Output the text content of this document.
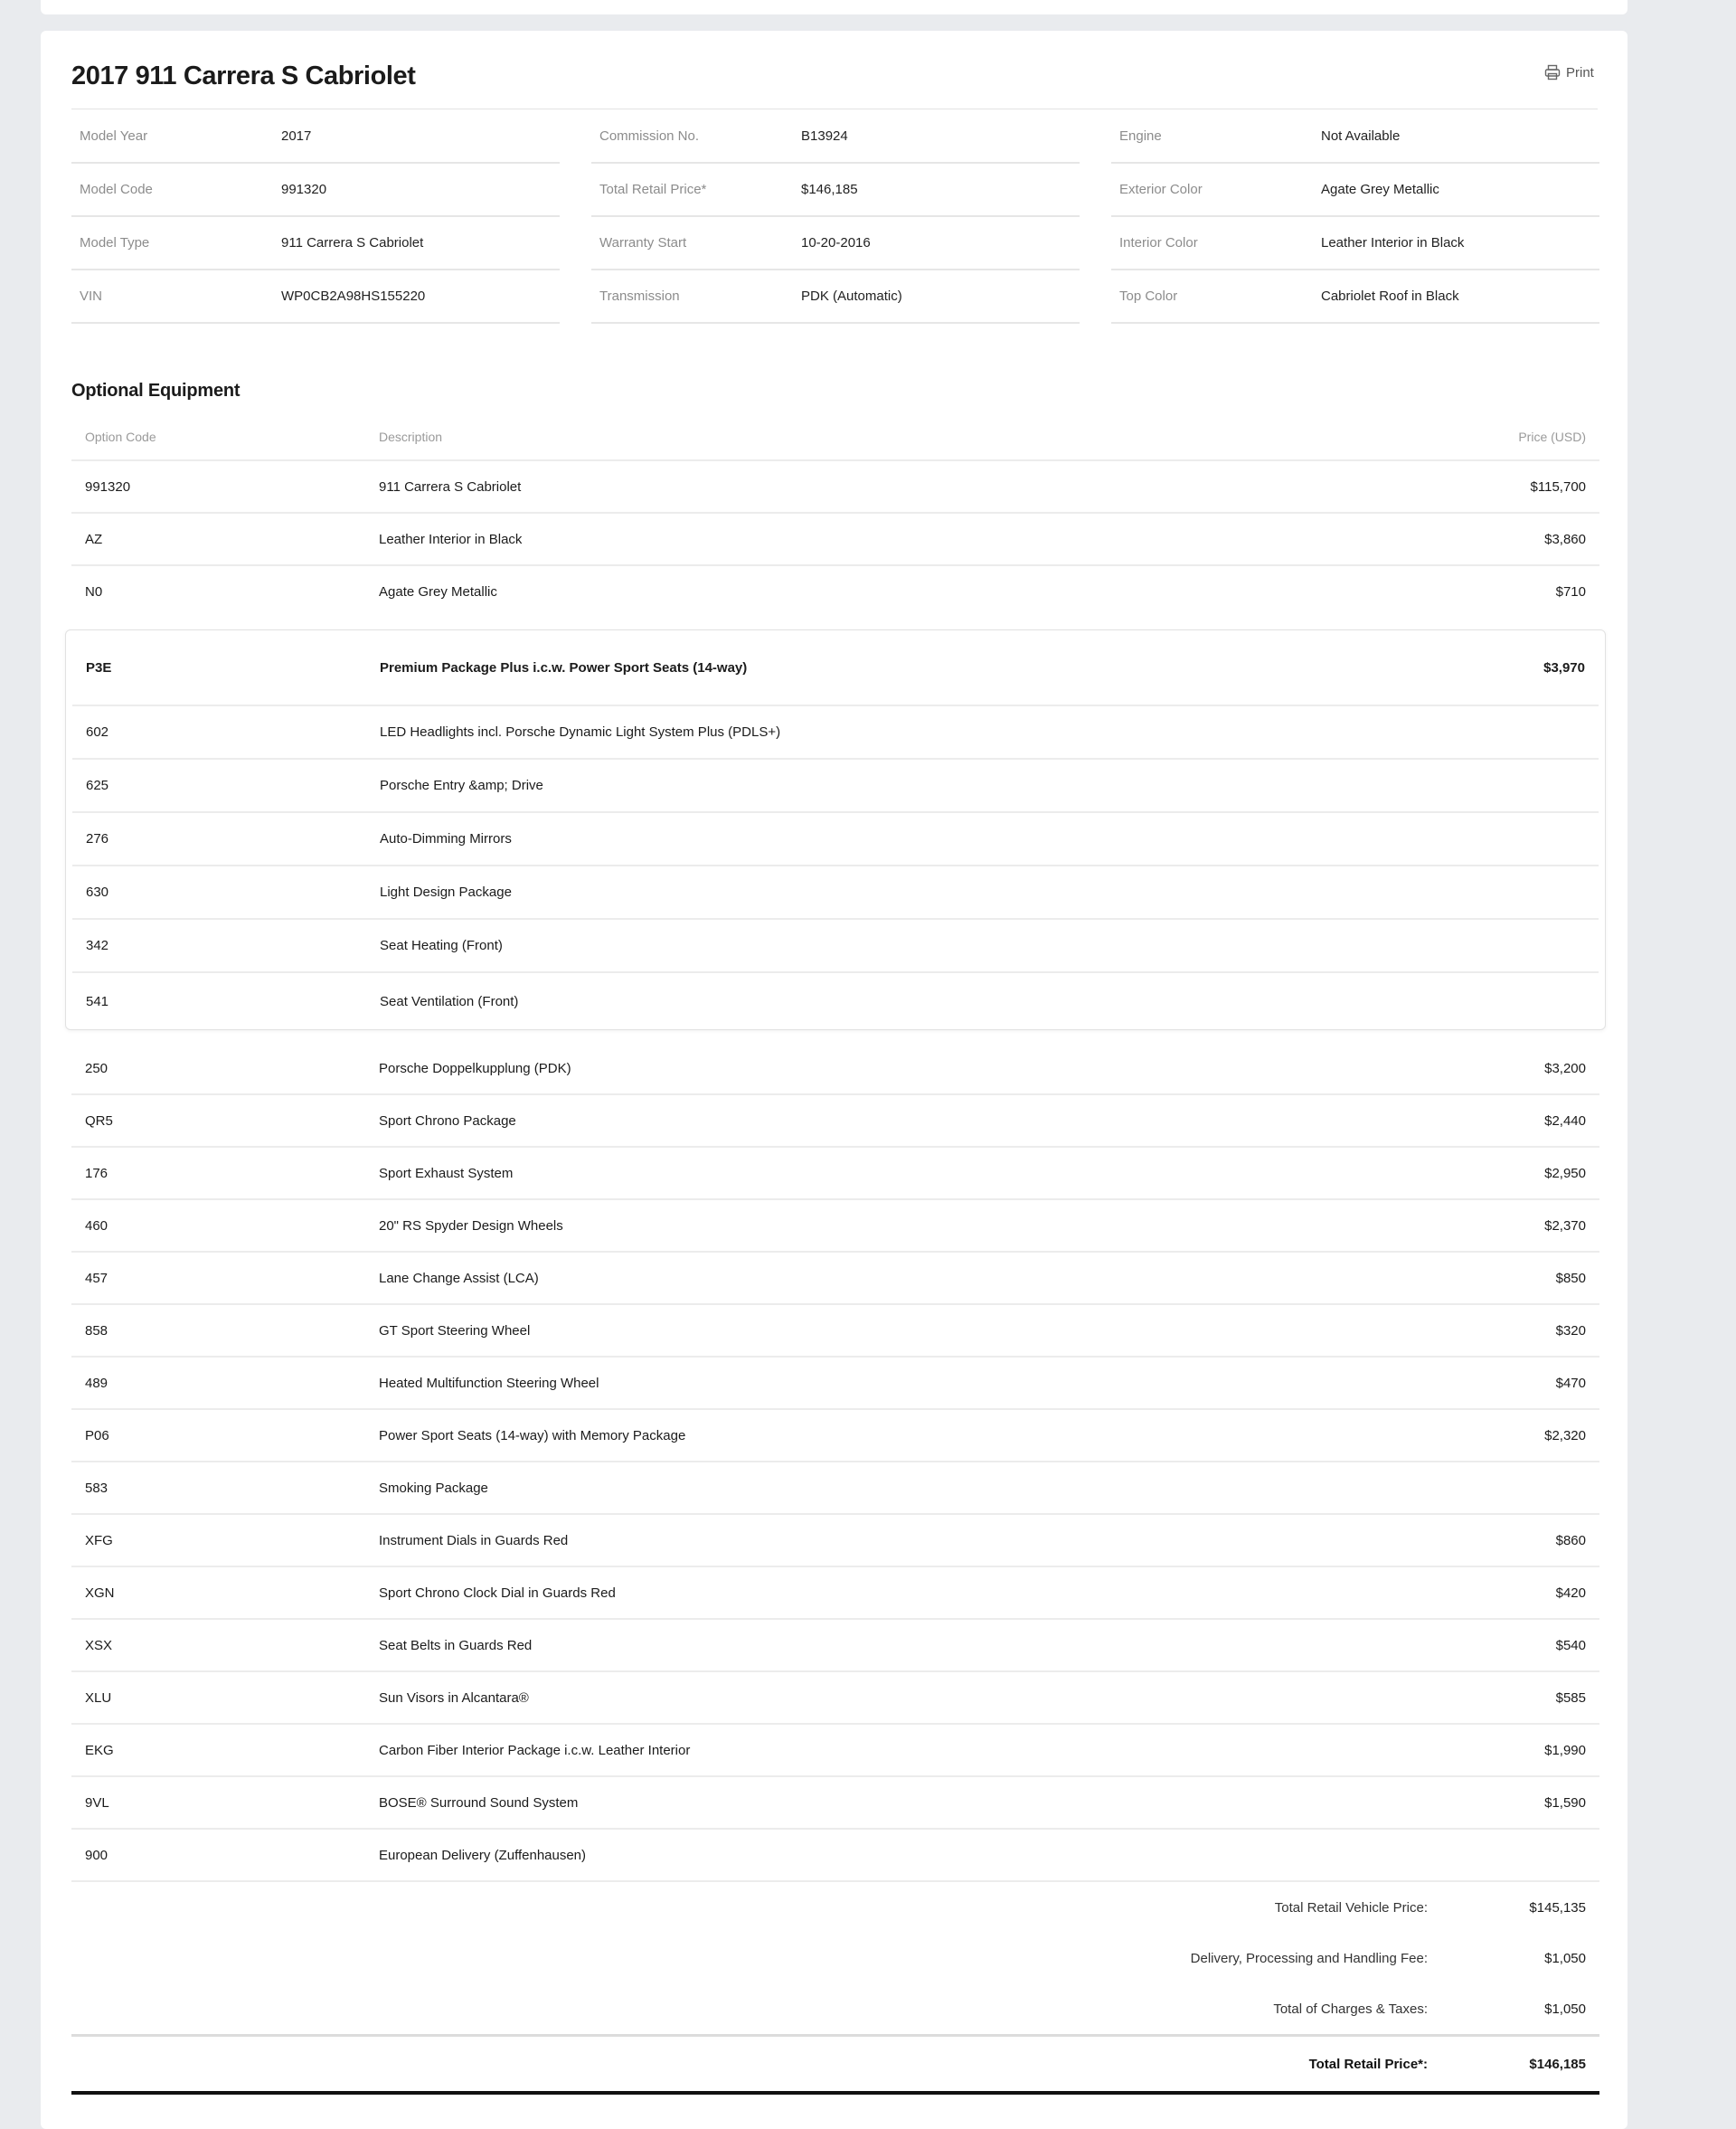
2017 911 Carrera S Cabriolet	Print
Model Year	2017
Model Code	991320
Model Type	911 Carrera S Cabriolet
VIN	WP0CB2A98HS155220
Commission No.	B13924
Total Retail Price*	$146,185
Warranty Start	10-20-2016
Transmission	PDK (Automatic)
Engine	Not Available
Exterior Color	Agate Grey Metallic
Interior Color	Leather Interior in Black
Top Color	Cabriolet Roof in Black
Optional Equipment
Option Code	Description	Price (USD)
991320	911 Carrera S Cabriolet	$115,700
AZ	Leather Interior in Black	$3,860
N0	Agate Grey Metallic	$710
P3E	Premium Package Plus i.c.w. Power Sport Seats (14-way)	$3,970
602	LED Headlights incl. Porsche Dynamic Light System Plus (PDLS+)
625	Porsche Entry &amp; Drive
276	Auto-Dimming Mirrors
630	Light Design Package
342	Seat Heating (Front)
541	Seat Ventilation (Front)
250	Porsche Doppelkupplung (PDK)	$3,200
QR5	Sport Chrono Package	$2,440
176	Sport Exhaust System	$2,950
460	20" RS Spyder Design Wheels	$2,370
457	Lane Change Assist (LCA)	$850
858	GT Sport Steering Wheel	$320
489	Heated Multifunction Steering Wheel	$470
P06	Power Sport Seats (14-way) with Memory Package	$2,320
583	Smoking Package
XFG	Instrument Dials in Guards Red	$860
XGN	Sport Chrono Clock Dial in Guards Red	$420
XSX	Seat Belts in Guards Red	$540
XLU	Sun Visors in Alcantara®	$585
EKG	Carbon Fiber Interior Package i.c.w. Leather Interior	$1,990
9VL	BOSE® Surround Sound System	$1,590
900	European Delivery (Zuffenhausen)
Total Retail Vehicle Price:	$145,135
Delivery, Processing and Handling Fee:	$1,050
Total of Charges & Taxes:	$1,050
Total Retail Price*:	$146,185
